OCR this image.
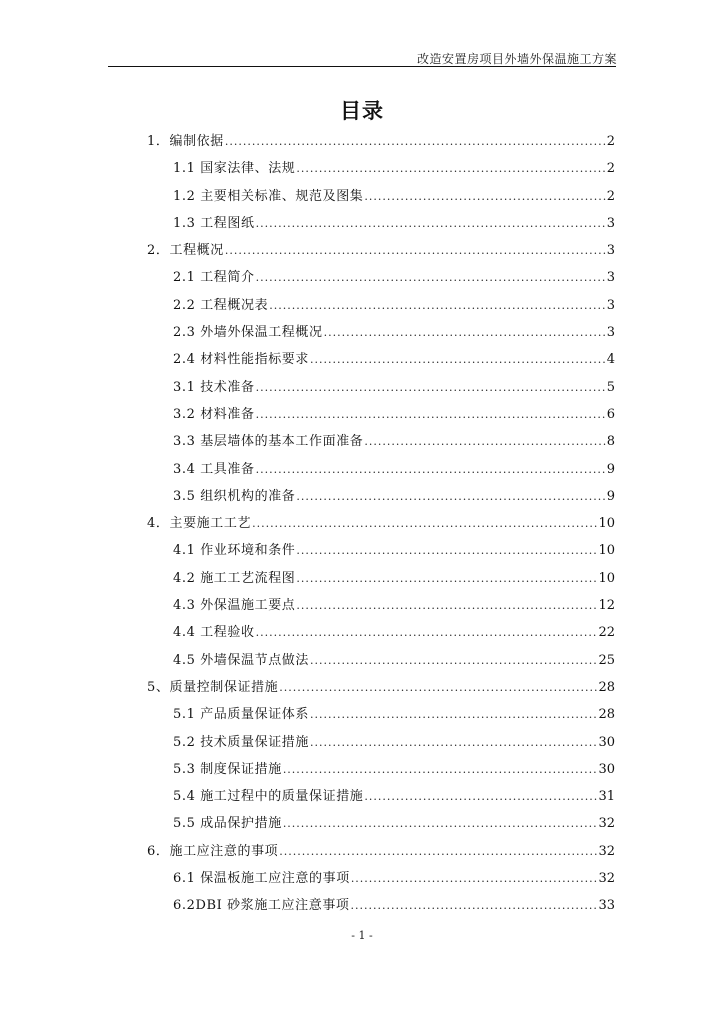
改造安置房项目外墙外保温施工方案
目录
1．编制依据 .....	2
1.1 国家法律、法规 .....	2
1.2 主要相关标准、规范及图集 .....	2
1.3 工程图纸 .....	3
2．工程概况 .....	3
2.1 工程简介 .....	3
2.2 工程概况表 .....	3
2.3 外墙外保温工程概况 .....	3
2.4 材料性能指标要求 .....	4
3.1 技术准备 .....	5
3.2 材料准备 .....	6
3.3 基层墙体的基本工作面准备 .....	8
3.4 工具准备 .....	9
3.5 组织机构的准备 .....	9
4．主要施工工艺 .....	10
4.1 作业环境和条件 .....	10
4.2 施工工艺流程图 .....	10
4.3 外保温施工要点 .....	12
4.4 工程验收 .....	22
4.5 外墙保温节点做法 .....	25
5、质量控制保证措施 .....	28
5.1 产品质量保证体系 .....	28
5.2 技术质量保证措施 .....	30
5.3 制度保证措施 .....	30
5.4 施工过程中的质量保证措施 .....	31
5.5 成品保护措施 .....	32
6．施工应注意的事项 .....	32
6.1 保温板施工应注意的事项 .....	32
6.2DBI 砂浆施工应注意事项 .....	33
- 1 -
